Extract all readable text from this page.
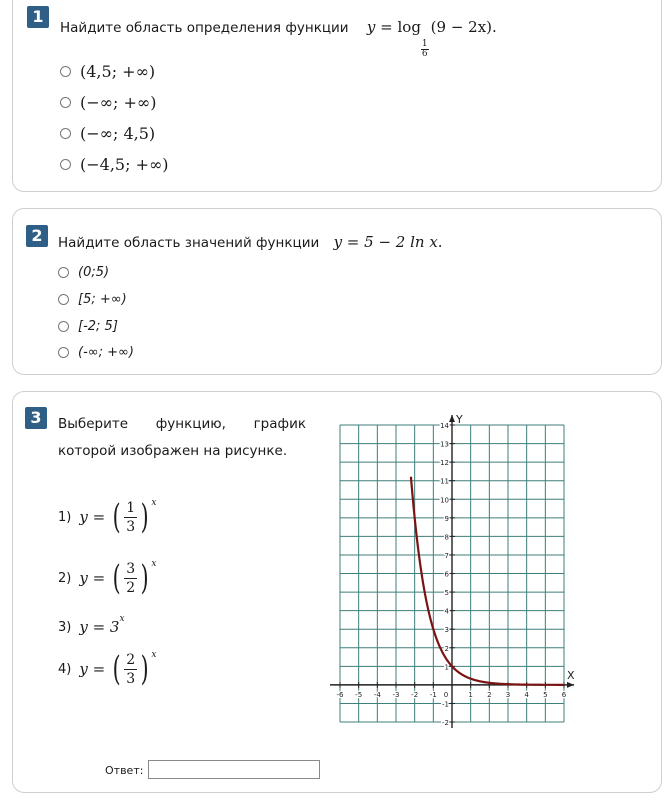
1
Найдите область определения функции y = log
$\frac{1}{6}$
(9 − 2x).
(4,5; +∞)
(−∞; +∞)
(−∞; 4,5)
(−4,5; +∞)
2	Найдите область значений функции y = 5 − 2 ln x.
(0;5)
[5; +∞)
[-2; 5]
(-∞; +∞)
3	Выберите функцию, график
которой изображен на рисунке.
1) y = ( $\frac{1}{3}$ ) $^x$
2) y = ( $\frac{3}{2}$ ) $^x$
3) $y = 3^x$
4) y = ( $\frac{2}{3}$ ) $^x$
X
Y
-6 -5 -4 -3 -2 -1 0	1 2 3 4 5 6
-2
-1
1
2
3
4
5
6
7
8
9
10
11
12
13
14
Ответ:
